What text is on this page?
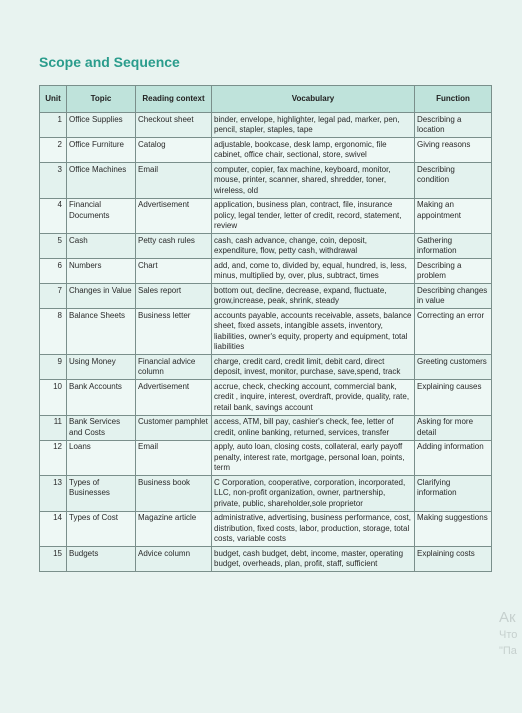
Scope and Sequence
Unit	Topic	Reading context	Vocabulary	Function
1	Office Supplies	Checkout sheet	binder, envelope, highlighter, legal pad, marker, pen, pencil, stapler, staples, tape	Describing a location
2	Office Furniture	Catalog	adjustable, bookcase, desk lamp, ergonomic, file cabinet, office chair, sectional, store, swivel	Giving reasons
3	Office Machines	Email	computer, copier, fax machine, keyboard, monitor, mouse, printer, scanner, shared, shredder, toner, wireless, old	Describing condition
4	Financial Documents	Advertisement	application, business plan, contract, file, insurance policy, legal tender, letter of credit, record, statement, review	Making an appointment
5	Cash	Petty cash rules	cash, cash advance, change, coin, deposit, expenditure, flow, petty cash, withdrawal	Gathering information
6	Numbers	Chart	add, and, come to, divided by, equal, hundred, is, less, minus, multiplied by, over, plus, subtract, times	Describing a problem
7	Changes in Value	Sales report	bottom out, decline, decrease, expand, fluctuate, grow,increase, peak, shrink, steady	Describing changes in value
8	Balance Sheets	Business letter	accounts payable, accounts receivable, assets, balance sheet, fixed assets, intangible assets, inventory, liabilities, owner's equity, property and equipment, total liabilities	Correcting an error
9	Using Money	Financial advice column	charge, credit card, credit limit, debit card, direct deposit, invest, monitor, purchase, save,spend, track	Greeting customers
10	Bank Accounts	Advertisement	accrue, check, checking account, commercial bank, credit , inquire, interest, overdraft, provide, quality, rate, retail bank, savings account	Explaining causes
11	Bank Services and Costs	Customer pamphlet	access, ATM, bill pay, cashier's check, fee, letter of credit, online banking, returned, services, transfer	Asking for more detail
12	Loans	Email	apply, auto loan, closing costs, collateral, early payoff penalty, interest rate, mortgage, personal loan, points, term	Adding information
13	Types of Businesses	Business book	C Corporation, cooperative, corporation, incorporated, LLC, non-profit organization, owner, partnership, private, public, shareholder,sole proprietor	Clarifying information
14	Types of Cost	Magazine article	administrative, advertising, business performance, cost, distribution, fixed costs, labor, production, storage, total costs, variable costs	Making suggestions
15	Budgets	Advice column	budget, cash budget, debt, income, master, operating budget, overheads, plan, profit, staff, sufficient	Explaining costs
Ак
Что
"Па
